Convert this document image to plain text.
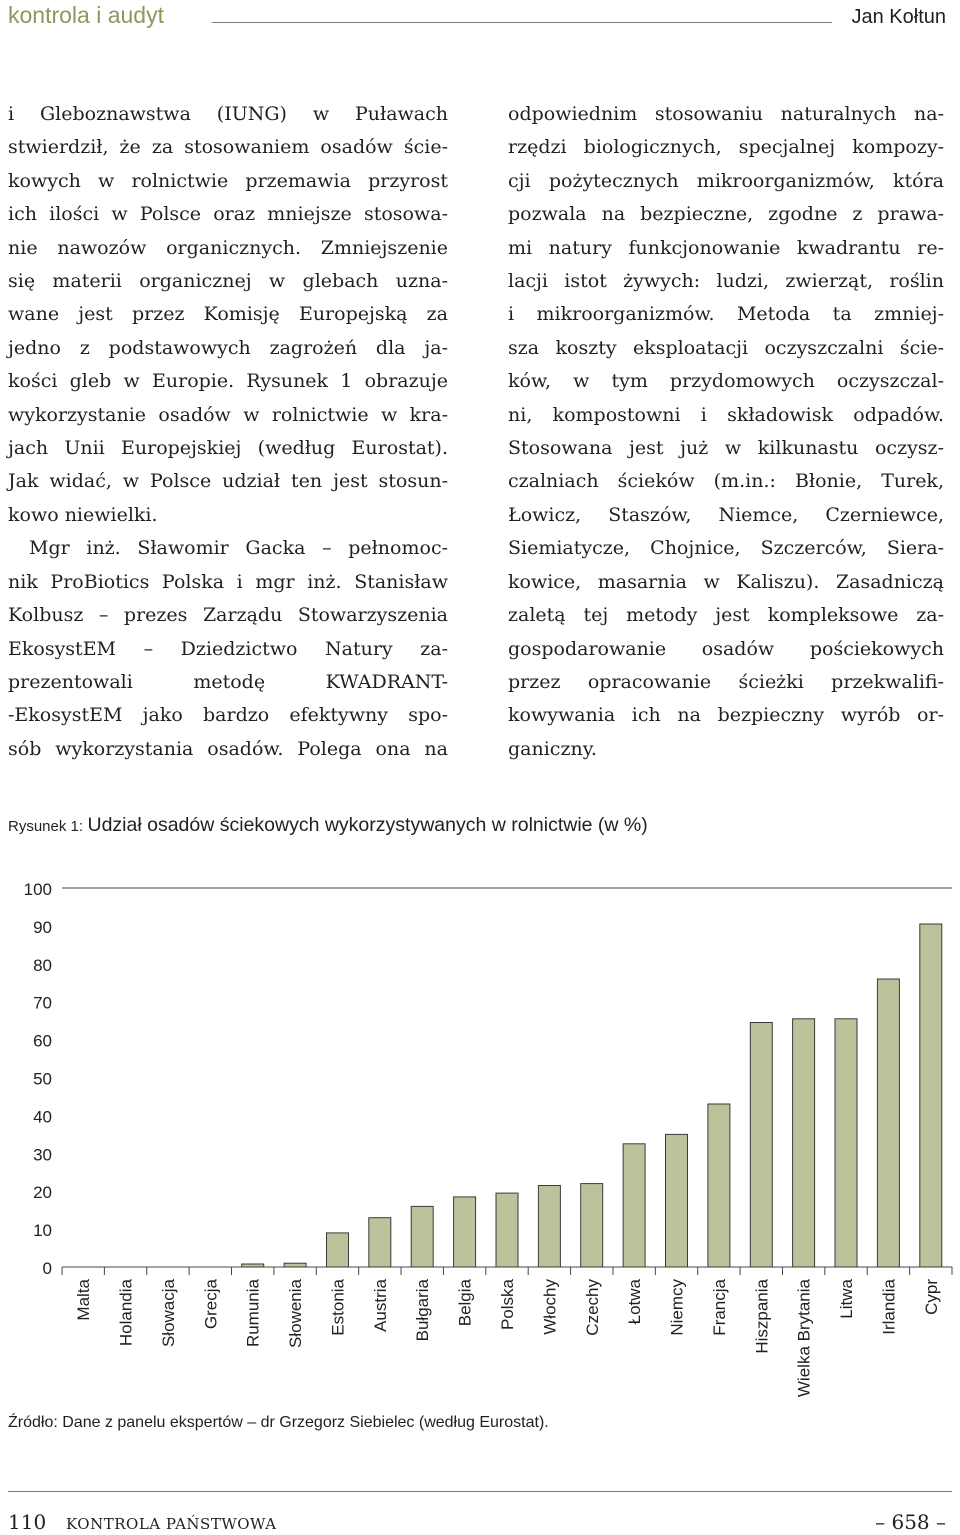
kontrola i audyt	Jan Kołtun

i Gleboznawstwa (IUNG) w Puławach
stwierdził, że za stosowaniem osadów ście-
kowych w rolnictwie przemawia przyrost
ich ilości w Polsce oraz mniejsze stosowa-
nie nawozów organicznych. Zmniejszenie
się materii organicznej w glebach uzna-
wane jest przez Komisję Europejską za
jedno z podstawowych zagrożeń dla ja-
kości gleb w Europie. Rysunek 1 obrazuje
wykorzystanie osadów w rolnictwie w kra-
jach Unii Europejskiej (według Eurostat).
Jak widać, w Polsce udział ten jest stosun-
kowo niewielki.
Mgr inż. Sławomir Gacka – pełnomoc-
nik ProBiotics Polska i mgr inż. Stanisław
Kolbusz – prezes Zarządu Stowarzyszenia
EkosystEM – Dziedzictwo Natury za-
prezentowali metodę KWADRANT-
-EkosystEM jako bardzo efektywny spo-
sób wykorzystania osadów. Polega ona na

odpowiednim stosowaniu naturalnych na-
rzędzi biologicznych, specjalnej kompozy-
cji pożytecznych mikroorganizmów, która
pozwala na bezpieczne, zgodne z prawa-
mi natury funkcjonowanie kwadrantu re-
lacji istot żywych: ludzi, zwierząt, roślin
i mikroorganizmów. Metoda ta zmniej-
sza koszty eksploatacji oczyszczalni ście-
ków, w tym przydomowych oczyszczal-
ni, kompostowni i składowisk odpadów.
Stosowana jest już w kilkunastu oczysz-
czalniach ścieków (m.in.: Błonie, Turek,
Łowicz, Staszów, Niemce, Czerniewce,
Siemiatycze, Chojnice, Szczerców, Siera-
kowice, masarnia w Kaliszu). Zasadniczą
zaletą tej metody jest kompleksowe za-
gospodarowanie osadów pościekowych
przez opracowanie ścieżki przekwalifi-
kowywania ich na bezpieczny wyrób or-
ganiczny.

Rysunek 1: Udział osadów ściekowych wykorzystywanych w rolnictwie (w %)
0
10
20
30
40
50
60
70
80
90
100
Malta Holandia Słowacja Grecja Rumunia Słowenia Estonia Austria Bułgaria Belgia Polska Włochy Czechy Łotwa Niemcy Francja Hiszpania Wielka Brytania Litwa Irlandia Cypr
Źródło: Dane z panelu ekspertów – dr Grzegorz Siebielec (według Eurostat).
110 KONTROLA PAŃSTWOWA	– 658 –
